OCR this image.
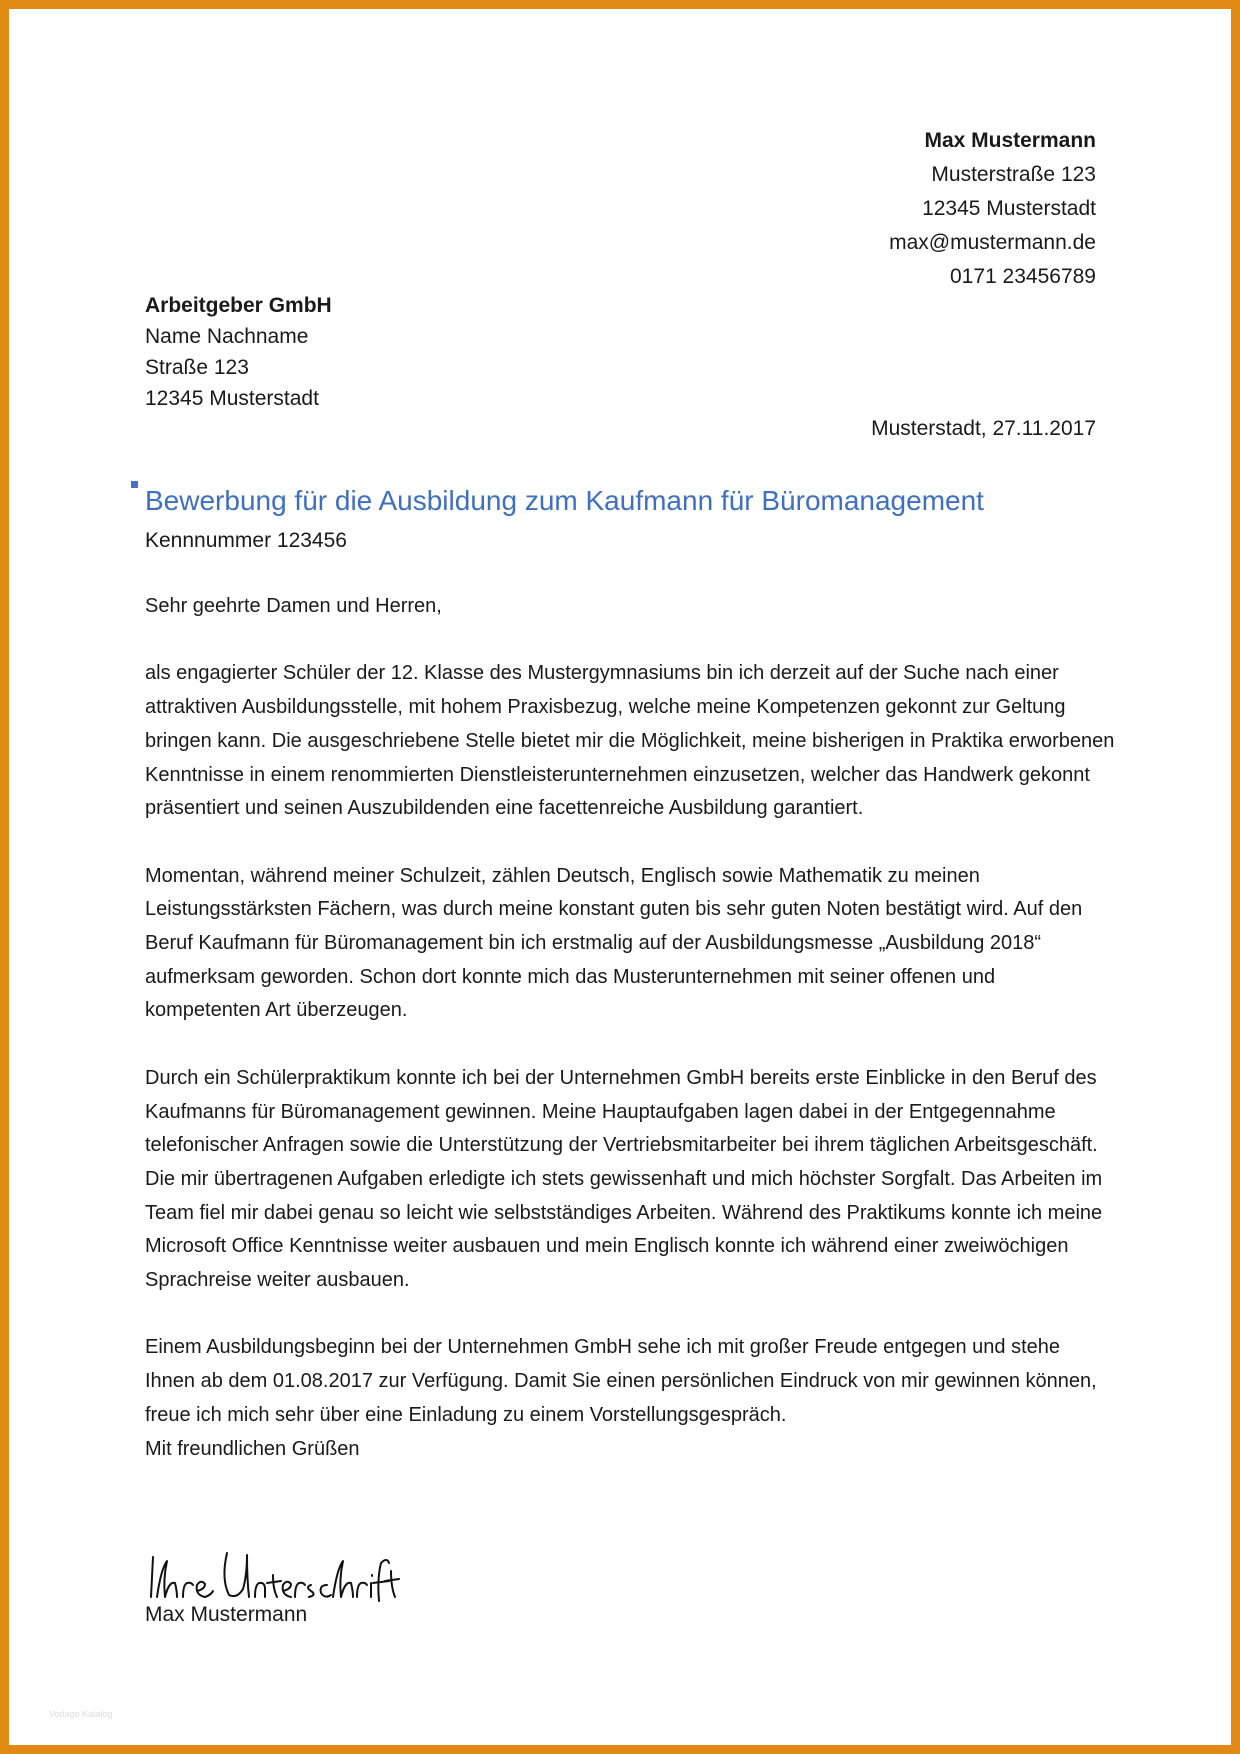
Max Mustermann
Musterstraße 123
12345 Musterstadt
max@mustermann.de
0171 23456789
Arbeitgeber GmbH
Name Nachname
Straße 123
12345 Musterstadt
Musterstadt, 27.11.2017
Bewerbung für die Ausbildung zum Kaufmann für Büromanagement
Kennnummer 123456

Sehr geehrte Damen und Herren,

als engagierter Schüler der 12. Klasse des Mustergymnasiums bin ich derzeit auf der Suche nach einer attraktiven Ausbildungsstelle, mit hohem Praxisbezug, welche meine Kompetenzen gekonnt zur Geltung bringen kann. Die ausgeschriebene Stelle bietet mir die Möglichkeit, meine bisherigen in Praktika erworbenen Kenntnisse in einem renommierten Dienstleisterunternehmen einzusetzen, welcher das Handwerk gekonnt präsentiert und seinen Auszubildenden eine facettenreiche Ausbildung garantiert.

Momentan, während meiner Schulzeit, zählen Deutsch, Englisch sowie Mathematik zu meinen Leistungsstärksten Fächern, was durch meine konstant guten bis sehr guten Noten bestätigt wird. Auf den Beruf Kaufmann für Büromanagement bin ich erstmalig auf der Ausbildungsmesse „Ausbildung 2018“ aufmerksam geworden. Schon dort konnte mich das Musterunternehmen mit seiner offenen und kompetenten Art überzeugen.

Durch ein Schülerpraktikum konnte ich bei der Unternehmen GmbH bereits erste Einblicke in den Beruf des Kaufmanns für Büromanagement gewinnen. Meine Hauptaufgaben lagen dabei in der Entgegennahme telefonischer Anfragen sowie die Unterstützung der Vertriebsmitarbeiter bei ihrem täglichen Arbeitsgeschäft. Die mir übertragenen Aufgaben erledigte ich stets gewissenhaft und mich höchster Sorgfalt. Das Arbeiten im Team fiel mir dabei genau so leicht wie selbstständiges Arbeiten. Während des Praktikums konnte ich meine Microsoft Office Kenntnisse weiter ausbauen und mein Englisch konnte ich während einer zweiwöchigen Sprachreise weiter ausbauen.

Einem Ausbildungsbeginn bei der Unternehmen GmbH sehe ich mit großer Freude entgegen und stehe Ihnen ab dem 01.08.2017 zur Verfügung. Damit Sie einen persönlichen Eindruck von mir gewinnen können, freue ich mich sehr über eine Einladung zu einem Vorstellungsgespräch.

Mit freundlichen Grüßen

Max Mustermann
Vorlage Katalog
